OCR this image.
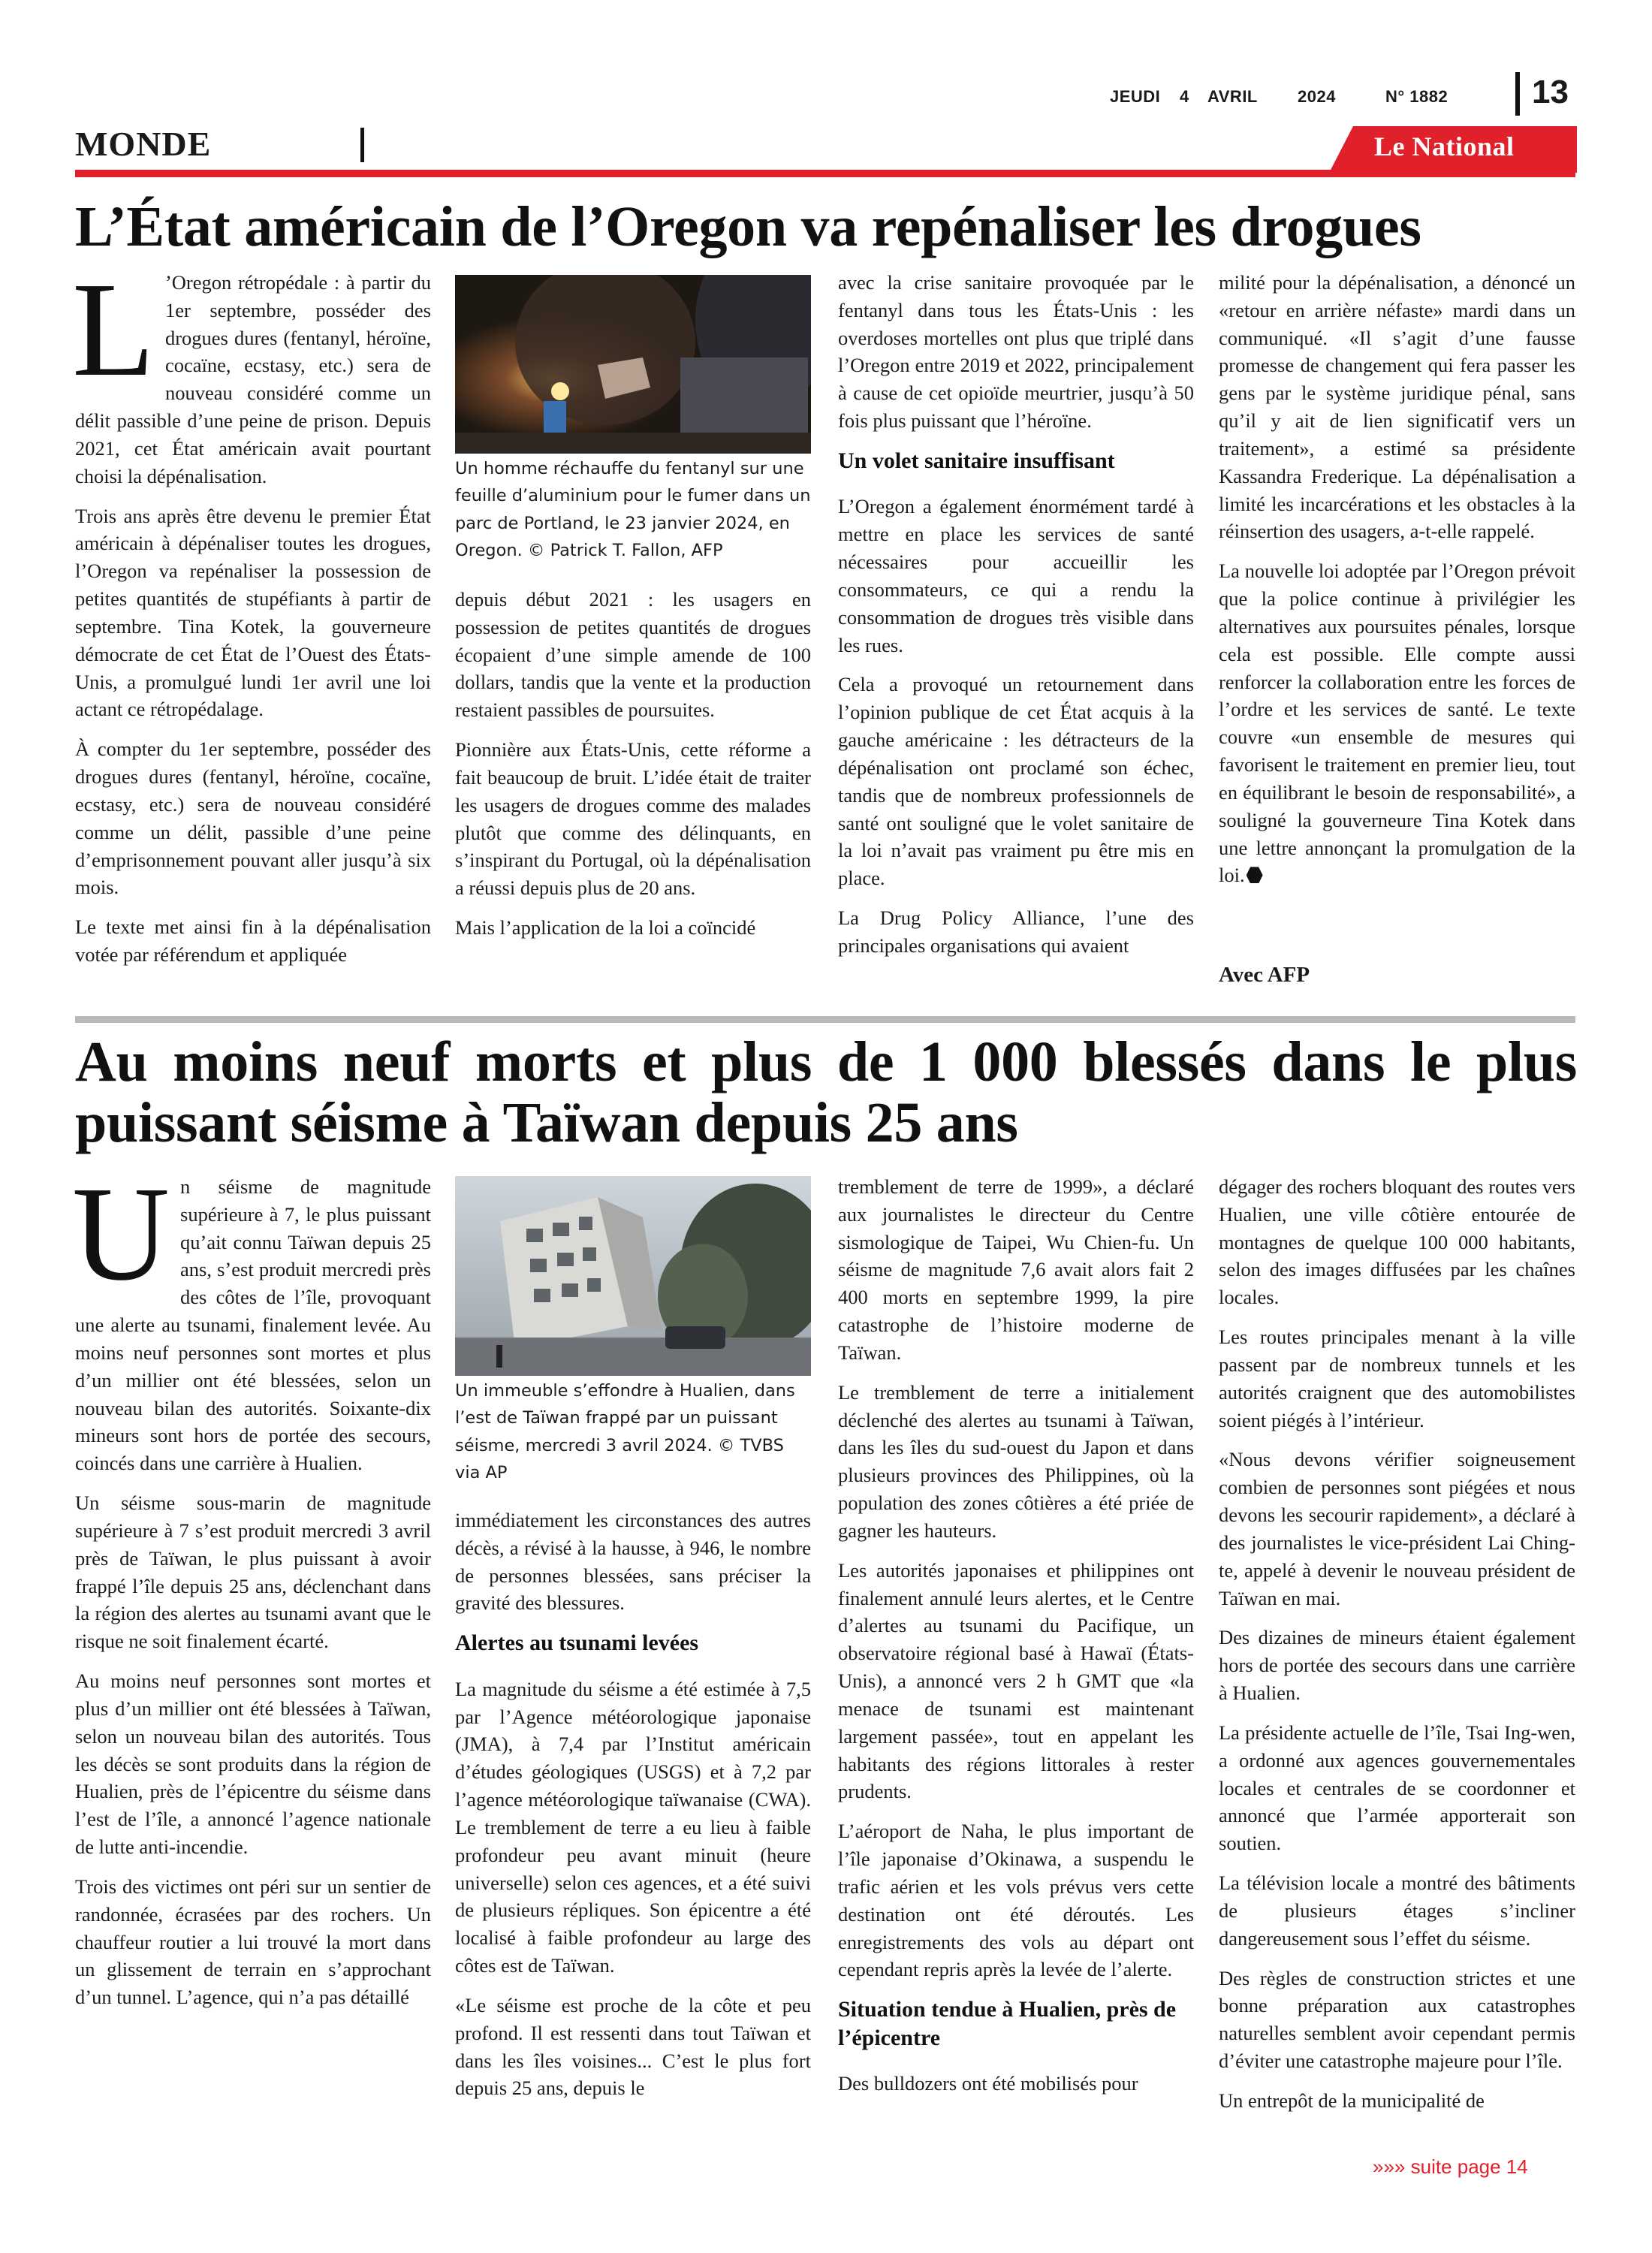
JEUDI 4 AVRIL 2024	N° 1882	13
MONDE	Le National
L’État américain de l’Oregon va repénaliser les drogues

L ’Oregon rétropédale : à partir du 1er septembre, posséder des drogues dures (fentanyl, héroïne, cocaïne, ecstasy, etc.) sera de nouveau considéré comme un délit passible d’une peine de prison. Depuis 2021, cet État américain avait pourtant choisi la dépénalisation.

Trois ans après être devenu le premier État américain à dépénaliser toutes les drogues, l’Oregon va repénaliser la possession de petites quantités de stupéfiants à partir de septembre. Tina Kotek, la gouverneure démocrate de cet État de l’Ouest des États-Unis, a promulgué lundi 1er avril une loi actant ce rétropédalage.

À compter du 1er septembre, posséder des drogues dures (fentanyl, héroïne, cocaïne, ecstasy, etc.) sera de nouveau considéré comme un délit, passible d’une peine d’emprisonnement pouvant aller jusqu’à six mois.

Le texte met ainsi fin à la dépénalisation votée par référendum et appliquée

Un homme réchauffe du fentanyl sur une feuille d’aluminium pour le fumer dans un parc de Portland, le 23 janvier 2024, en Oregon. © Patrick T. Fallon, AFP

depuis début 2021 : les usagers en possession de petites quantités de drogues écopaient d’une simple amende de 100 dollars, tandis que la vente et la production restaient passibles de poursuites.

Pionnière aux États-Unis, cette réforme a fait beaucoup de bruit. L’idée était de traiter les usagers de drogues comme des malades plutôt que comme des délinquants, en s’inspirant du Portugal, où la dépénalisation a réussi depuis plus de 20 ans.

Mais l’application de la loi a coïncidé

avec la crise sanitaire provoquée par le fentanyl dans tous les États-Unis : les overdoses mortelles ont plus que triplé dans l’Oregon entre 2019 et 2022, principalement à cause de cet opioïde meurtrier, jusqu’à 50 fois plus puissant que l’héroïne.

Un volet sanitaire insuffisant

L’Oregon a également énormément tardé à mettre en place les services de santé nécessaires pour accueillir les consommateurs, ce qui a rendu la consommation de drogues très visible dans les rues.

Cela a provoqué un retournement dans l’opinion publique de cet État acquis à la gauche américaine : les détracteurs de la dépénalisation ont proclamé son échec, tandis que de nombreux professionnels de santé ont souligné que le volet sanitaire de la loi n’avait pas vraiment pu être mis en place.

La Drug Policy Alliance, l’une des principales organisations qui avaient

milité pour la dépénalisation, a dénoncé un «retour en arrière néfaste» mardi dans un communiqué. «Il s’agit d’une fausse promesse de changement qui fera passer les gens par le système juridique pénal, sans qu’il y ait de lien significatif vers un traitement», a estimé sa présidente Kassandra Frederique. La dépénalisation a limité les incarcérations et les obstacles à la réinsertion des usagers, a-t-elle rappelé.

La nouvelle loi adoptée par l’Oregon prévoit que la police continue à privilégier les alternatives aux poursuites pénales, lorsque cela est possible. Elle compte aussi renforcer la collaboration entre les forces de l’ordre et les services de santé. Le texte couvre «un ensemble de mesures qui favorisent le traitement en premier lieu, tout en équilibrant le besoin de responsabilité», a souligné la gouverneure Tina Kotek dans une lettre annonçant la promulgation de la loi.

Avec AFP
Au moins neuf morts et plus de 1 000 blessés dans le plus puissant séisme à Taïwan depuis 25 ans

Un séisme de magnitude supérieure à 7, le plus puissant qu’ait connu Taïwan depuis 25 ans, s’est produit mercredi près des côtes de l’île, provoquant une alerte au tsunami, finalement levée. Au moins neuf personnes sont mortes et plus d’un millier ont été blessées, selon un nouveau bilan des autorités. Soixante-dix mineurs sont hors de portée des secours, coincés dans une carrière à Hualien.

Un séisme sous-marin de magnitude supérieure à 7 s’est produit mercredi 3 avril près de Taïwan, le plus puissant à avoir frappé l’île depuis 25 ans, déclenchant dans la région des alertes au tsunami avant que le risque ne soit finalement écarté.

Au moins neuf personnes sont mortes et plus d’un millier ont été blessées à Taïwan, selon un nouveau bilan des autorités. Tous les décès se sont produits dans la région de Hualien, près de l’épicentre du séisme dans l’est de l’île, a annoncé l’agence nationale de lutte anti-incendie.

Trois des victimes ont péri sur un sentier de randonnée, écrasées par des rochers. Un chauffeur routier a lui trouvé la mort dans un glissement de terrain en s’approchant d’un tunnel. L’agence, qui n’a pas détaillé

Un immeuble s’effondre à Hualien, dans l’est de Taïwan frappé par un puissant séisme, mercredi 3 avril 2024. © TVBS via AP

immédiatement les circonstances des autres décès, a révisé à la hausse, à 946, le nombre de personnes blessées, sans préciser la gravité des blessures.

Alertes au tsunami levées

La magnitude du séisme a été estimée à 7,5 par l’Agence météorologique japonaise (JMA), à 7,4 par l’Institut américain d’études géologiques (USGS) et à 7,2 par l’agence météorologique taïwanaise (CWA). Le tremblement de terre a eu lieu à faible profondeur peu avant minuit (heure universelle) selon ces agences, et a été suivi de plusieurs répliques. Son épicentre a été localisé à faible profondeur au large des côtes est de Taïwan.

«Le séisme est proche de la côte et peu profond. Il est ressenti dans tout Taïwan et dans les îles voisines... C’est le plus fort depuis 25 ans, depuis le

tremblement de terre de 1999», a déclaré aux journalistes le directeur du Centre sismologique de Taipei, Wu Chien-fu. Un séisme de magnitude 7,6 avait alors fait 2 400 morts en septembre 1999, la pire catastrophe de l’histoire moderne de Taïwan.

Le tremblement de terre a initialement déclenché des alertes au tsunami à Taïwan, dans les îles du sud-ouest du Japon et dans plusieurs provinces des Philippines, où la population des zones côtières a été priée de gagner les hauteurs.

Les autorités japonaises et philippines ont finalement annulé leurs alertes, et le Centre d’alertes au tsunami du Pacifique, un observatoire régional basé à Hawaï (États-Unis), a annoncé vers 2 h GMT que «la menace de tsunami est maintenant largement passée», tout en appelant les habitants des régions littorales à rester prudents.

L’aéroport de Naha, le plus important de l’île japonaise d’Okinawa, a suspendu le trafic aérien et les vols prévus vers cette destination ont été déroutés. Les enregistrements des vols au départ ont cependant repris après la levée de l’alerte.

Situation tendue à Hualien, près de l’épicentre

Des bulldozers ont été mobilisés pour

dégager des rochers bloquant des routes vers Hualien, une ville côtière entourée de montagnes de quelque 100 000 habitants, selon des images diffusées par les chaînes locales.

Les routes principales menant à la ville passent par de nombreux tunnels et les autorités craignent que des automobilistes soient piégés à l’intérieur.

«Nous devons vérifier soigneusement combien de personnes sont piégées et nous devons les secourir rapidement», a déclaré à des journalistes le vice-président Lai Ching-te, appelé à devenir le nouveau président de Taïwan en mai.

Des dizaines de mineurs étaient également hors de portée des secours dans une carrière à Hualien.

La présidente actuelle de l’île, Tsai Ing-wen, a ordonné aux agences gouvernementales locales et centrales de se coordonner et annoncé que l’armée apporterait son soutien.

La télévision locale a montré des bâtiments de plusieurs étages s’incliner dangereusement sous l’effet du séisme.

Des règles de construction strictes et une bonne préparation aux catastrophes naturelles semblent avoir cependant permis d’éviter une catastrophe majeure pour l’île.

Un entrepôt de la municipalité de

»»» suite page 14
